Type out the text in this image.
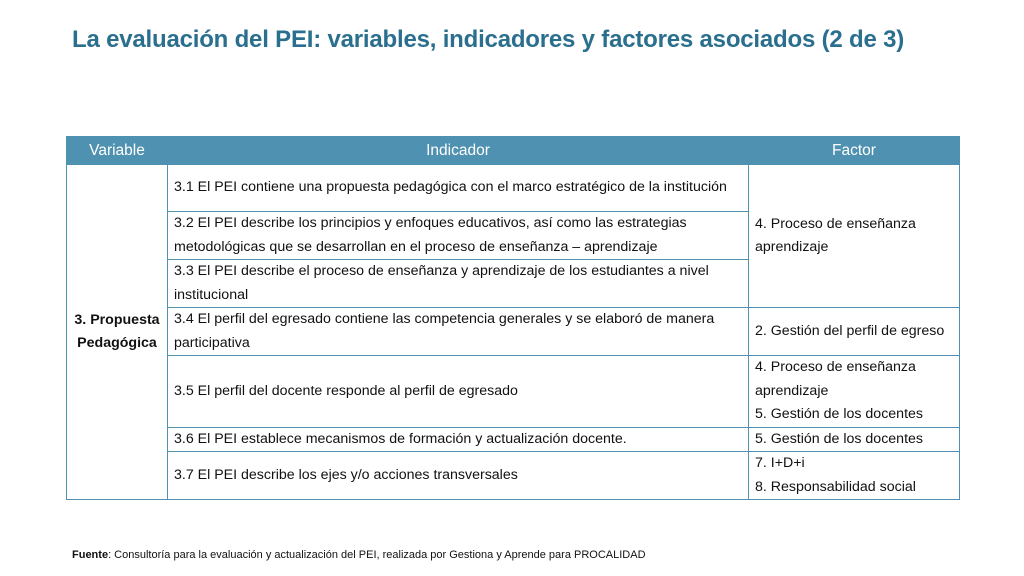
La evaluación del PEI: variables, indicadores y factores asociados (2 de 3)
Variable	Indicador	Factor
3. Propuesta Pedagógica	3.1 El PEI contiene una propuesta pedagógica con el marco estratégico de la institución	4. Proceso de enseñanza aprendizaje

	3.2 El PEI describe los principios y enfoques educativos, así como las estrategias metodológicas que se desarrollan en el proceso de enseñanza – aprendizaje	
	3.3 El PEI describe el proceso de enseñanza y aprendizaje de los estudiantes a nivel institucional	
	3.4 El perfil del egresado contiene las competencia generales y se elaboró de manera participativa	2. Gestión del perfil de egreso

	3.5 El perfil del docente responde al perfil de egresado	4. Proceso de enseñanza aprendizaje
5. Gestión de los docentes

	3.6 El PEI establece mecanismos de formación y actualización docente.	5. Gestión de los docentes

	3.7 El PEI describe los ejes y/o acciones transversales	7. I+D+i
8. Responsabilidad social
Fuente: Consultoría para la evaluación y actualización del PEI, realizada por Gestiona y Aprende para PROCALIDAD
